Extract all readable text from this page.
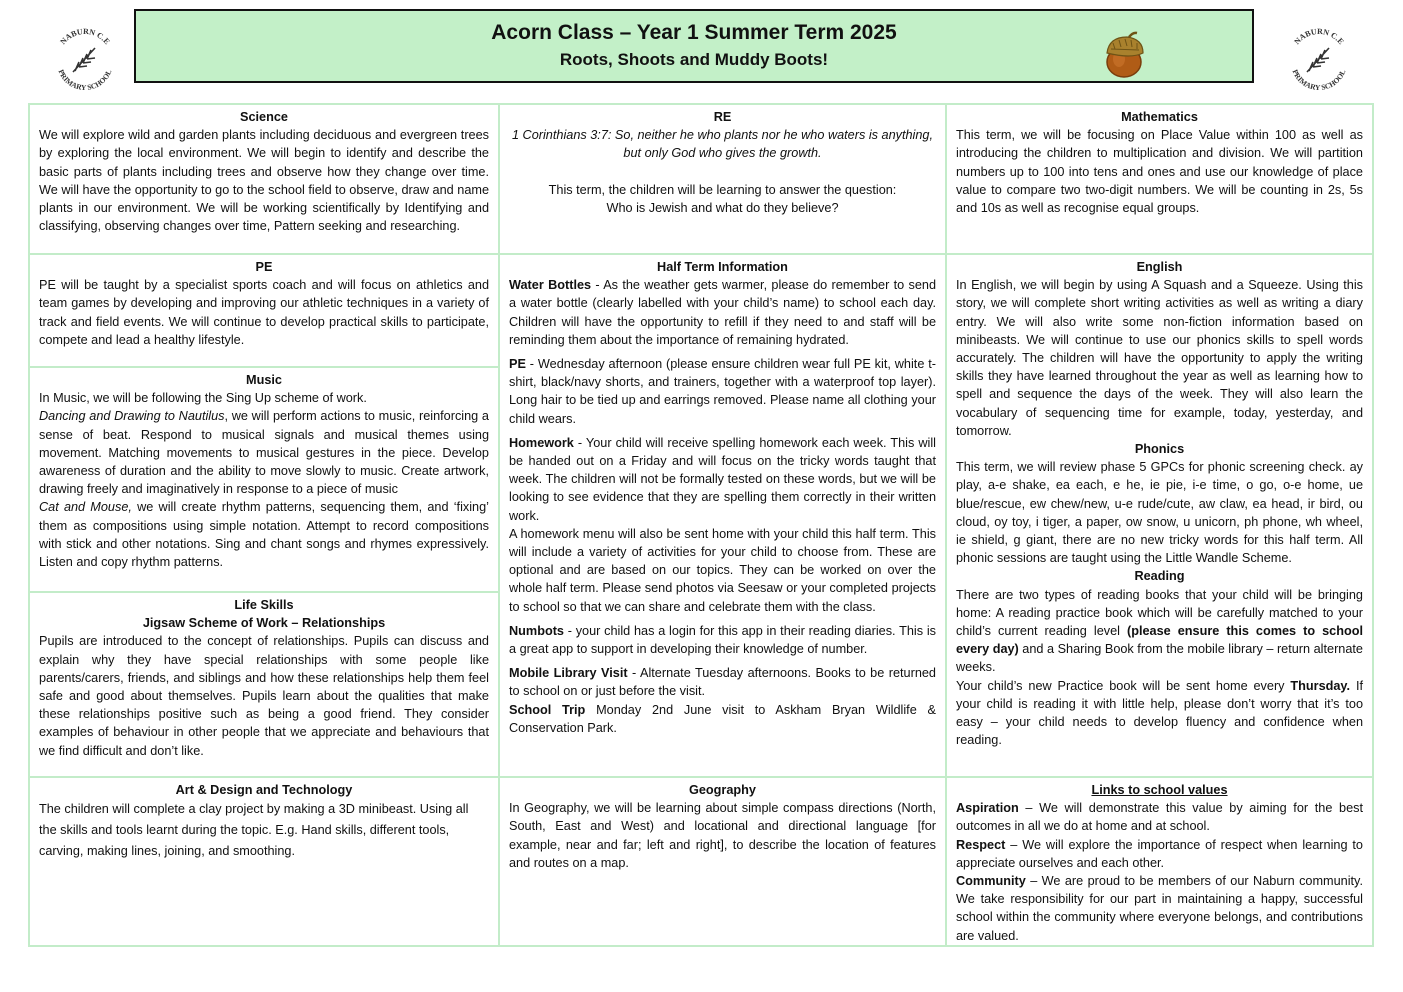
NABURN C.E
PRIMARY SCHOOL
NABURN C.E
PRIMARY SCHOOL
Acorn Class – Year 1 Summer Term 2025
Roots, Shoots and Muddy Boots!
Science

We will explore wild and garden plants including deciduous and evergreen trees by exploring the local environment. We will begin to identify and describe the basic parts of plants including trees and observe how they change over time. We will have the opportunity to go to the school field to observe, draw and name plants in our environment. We will be working scientifically by Identifying and classifying, observing changes over time, Pattern seeking and researching.

RE

1 Corinthians 3:7: So, neither he who plants nor he who waters is anything, but only God who gives the growth.

This term, the children will be learning to answer the question:

Who is Jewish and what do they believe?

Mathematics

This term, we will be focusing on Place Value within 100 as well as introducing the children to multiplication and division. We will partition numbers up to 100 into tens and ones and use our knowledge of place value to compare two two-digit numbers. We will be counting in 2s, 5s and 10s as well as recognise equal groups.

PE

PE will be taught by a specialist sports coach and will focus on athletics and team games by developing and improving our athletic techniques in a variety of track and field events. We will continue to develop practical skills to participate, compete and lead a healthy lifestyle.

Music

In Music, we will be following the Sing Up scheme of work.

Dancing and Drawing to Nautilus, we will perform actions to music, reinforcing a sense of beat. Respond to musical signals and musical themes using movement. Matching movements to musical gestures in the piece. Develop awareness of duration and the ability to move slowly to music. Create artwork, drawing freely and imaginatively in response to a piece of music

Cat and Mouse, we will create rhythm patterns, sequencing them, and ‘fixing’ them as compositions using simple notation. Attempt to record compositions with stick and other notations. Sing and chant songs and rhymes expressively. Listen and copy rhythm patterns.

Life Skills
Jigsaw Scheme of Work – Relationships

Pupils are introduced to the concept of relationships. Pupils can discuss and explain why they have special relationships with some people like parents/carers, friends, and siblings and how these relationships help them feel safe and good about themselves. Pupils learn about the qualities that make these relationships positive such as being a good friend. They consider examples of behaviour in other people that we appreciate and behaviours that we find difficult and don’t like.

Half Term Information

Water Bottles - As the weather gets warmer, please do remember to send a water bottle (clearly labelled with your child’s name) to school each day. Children will have the opportunity to refill if they need to and staff will be reminding them about the importance of remaining hydrated.

PE - Wednesday afternoon (please ensure children wear full PE kit, white t-shirt, black/navy shorts, and trainers, together with a waterproof top layer). Long hair to be tied up and earrings removed. Please name all clothing your child wears.

Homework - Your child will receive spelling homework each week. This will be handed out on a Friday and will focus on the tricky words taught that week. The children will not be formally tested on these words, but we will be looking to see evidence that they are spelling them correctly in their written work.

A homework menu will also be sent home with your child this half term. This will include a variety of activities for your child to choose from. These are optional and are based on our topics. They can be worked on over the whole half term. Please send photos via Seesaw or your completed projects to school so that we can share and celebrate them with the class.

Numbots - your child has a login for this app in their reading diaries. This is a great app to support in developing their knowledge of number.

Mobile Library Visit - Alternate Tuesday afternoons. Books to be returned to school on or just before the visit.

School Trip Monday 2nd June visit to Askham Bryan Wildlife & Conservation Park.

English

In English, we will begin by using A Squash and a Squeeze. Using this story, we will complete short writing activities as well as writing a diary entry. We will also write some non-fiction information based on minibeasts. We will continue to use our phonics skills to spell words accurately. The children will have the opportunity to apply the writing skills they have learned throughout the year as well as learning how to spell and sequence the days of the week. They will also learn the vocabulary of sequencing time for example, today, yesterday, and tomorrow.

Phonics

This term, we will review phase 5 GPCs for phonic screening check. ay play, a-e shake, ea each, e he, ie pie, i-e time, o go, o-e home, ue blue/rescue, ew chew/new, u-e rude/cute, aw claw, ea head, ir bird, ou cloud, oy toy, i tiger, a paper, ow snow, u unicorn, ph phone, wh wheel, ie shield, g giant, there are no new tricky words for this half term. All phonic sessions are taught using the Little Wandle Scheme.

Reading

There are two types of reading books that your child will be bringing home: A reading practice book which will be carefully matched to your child’s current reading level (please ensure this comes to school every day) and a Sharing Book from the mobile library – return alternate weeks.

Your child’s new Practice book will be sent home every Thursday. If your child is reading it with little help, please don’t worry that it’s too easy – your child needs to develop fluency and confidence when reading.

Art & Design and Technology

The children will complete a clay project by making a 3D minibeast. Using all the skills and tools learnt during the topic. E.g. Hand skills, different tools, carving, making lines, joining, and smoothing.

Geography

In Geography, we will be learning about simple compass directions (North, South, East and West) and locational and directional language [for example, near and far; left and right], to describe the location of features and routes on a map.

Links to school values

Aspiration – We will demonstrate this value by aiming for the best outcomes in all we do at home and at school.

Respect – We will explore the importance of respect when learning to appreciate ourselves and each other.

Community – We are proud to be members of our Naburn community. We take responsibility for our part in maintaining a happy, successful school within the community where everyone belongs, and contributions are valued.
